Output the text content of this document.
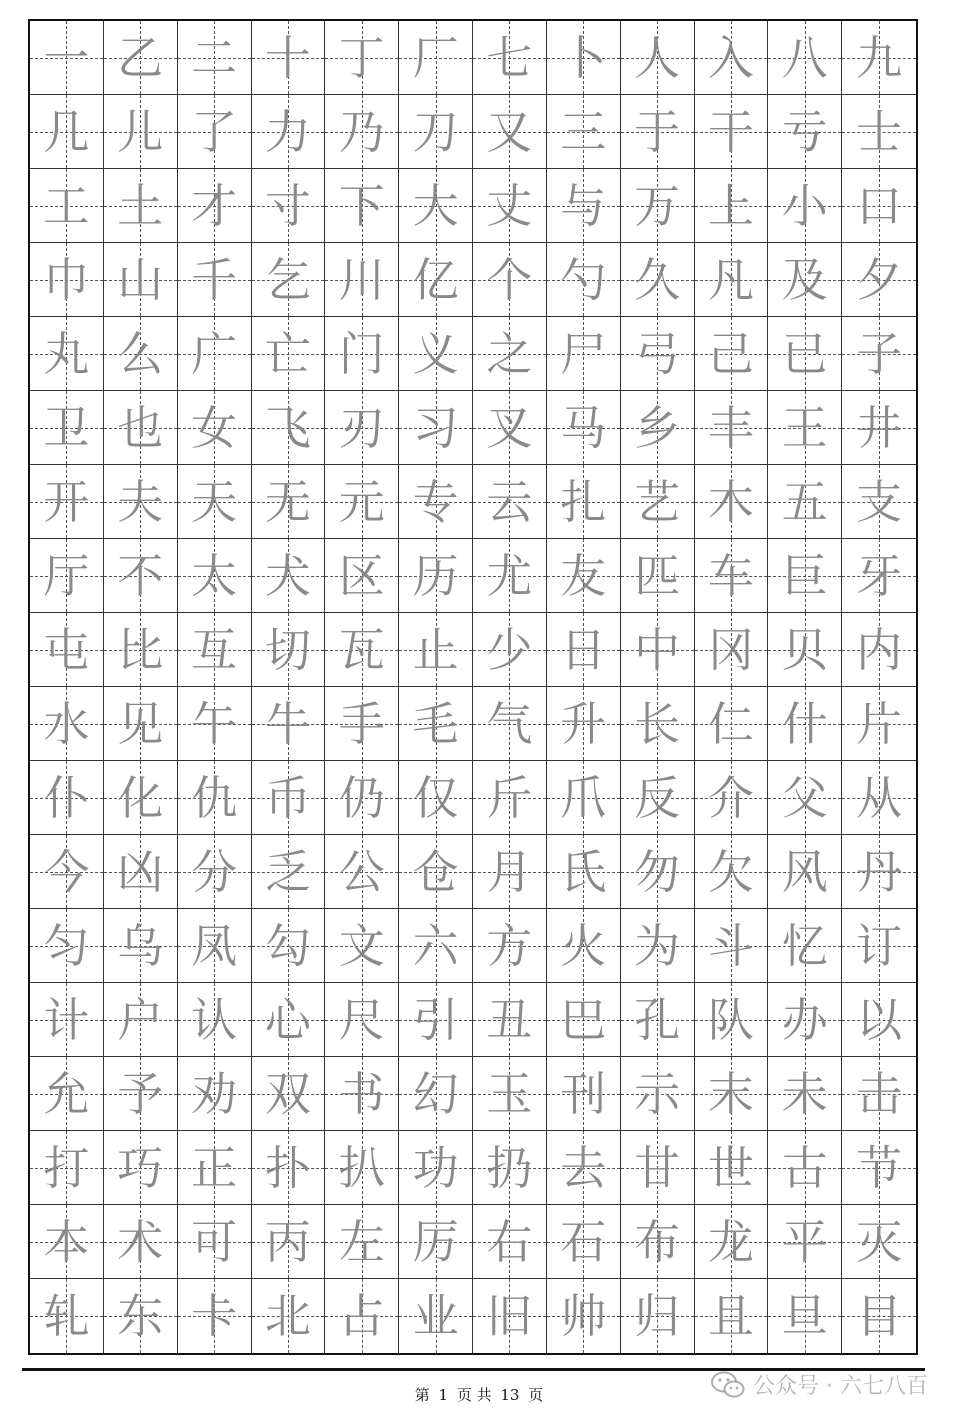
一 乙 二 十 丁 厂 七 卜 人 入 八 九
几 儿 了 力 乃 刀 又 三 于 干 亏 士
工 土 才 寸 下 大 丈 与 万 上 小 口
巾 山 千 乞 川 亿 个 勺 久 凡 及 夕
丸 么 广 亡 门 义 之 尸 弓 己 已 子
卫 也 女 飞 刃 习 叉 马 乡 丰 王 井
开 夫 天 无 元 专 云 扎 艺 木 五 支
厅 不 太 犬 区 历 尤 友 匹 车 巨 牙
屯 比 互 切 瓦 止 少 日 中 冈 贝 内
水 见 午 牛 手 毛 气 升 长 仁 什 片
仆 化 仇 币 仍 仅 斤 爪 反 介 父 从
今 凶 分 乏 公 仓 月 氏 勿 欠 风 丹
匀 乌 凤 勾 文 六 方 火 为 斗 忆 订
计 户 认 心 尺 引 丑 巴 孔 队 办 以
允 予 劝 双 书 幻 玉 刊 示 末 未 击
打 巧 正 扑 扒 功 扔 去 甘 世 古 节
本 术 可 丙 左 厉 右 石 布 龙 平 灭
轧 东 卡 北 占 业 旧 帅 归 且 旦 目
第 1 页 共 13 页	公众号 · 六七八百
